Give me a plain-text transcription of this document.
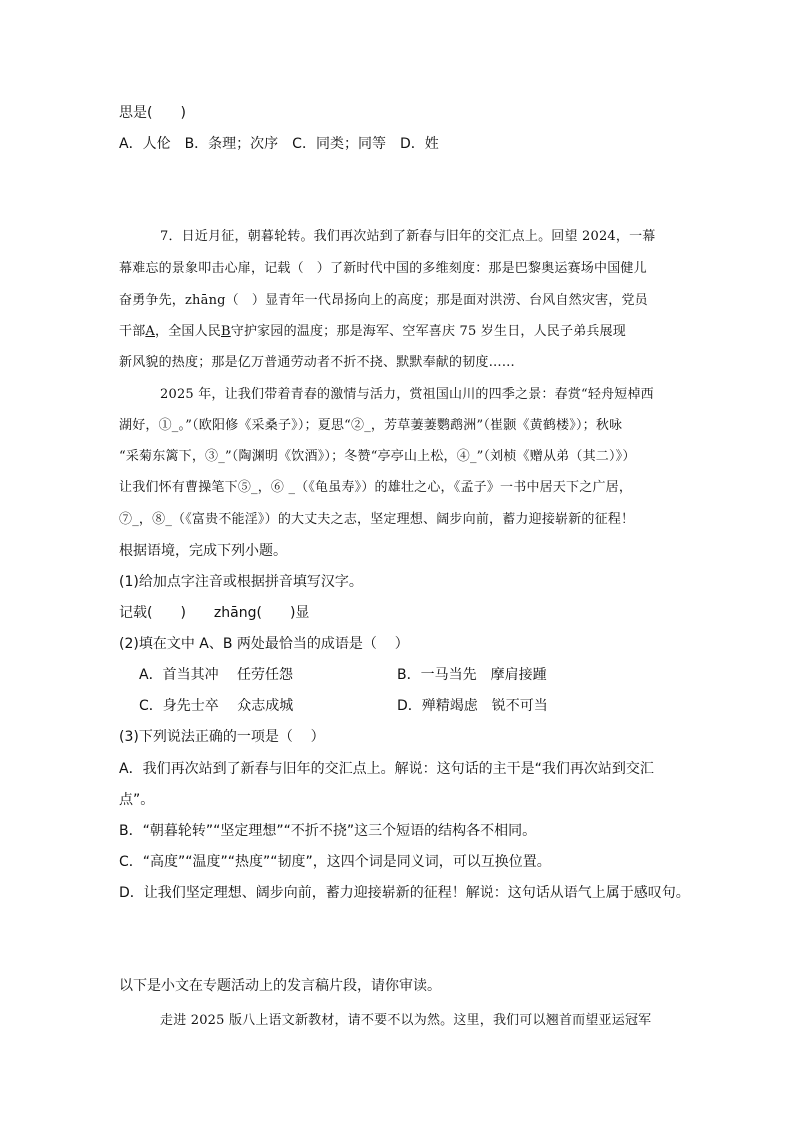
思是(　　)
A．人伦　B．条理；次序　C．同类；同等　D．姓
7．日近月征，朝暮轮转。我们再次站到了新春与旧年的交汇点上。回望 2024，一幕
幕难忘的景象叩击心扉，记载（   ）了新时代中国的多维刻度：那是巴黎奥运赛场中国健儿
奋勇争先，zhāng（   ）显青年一代昂扬向上的高度；那是面对洪涝、台风自然灾害，党员
干部A，全国人民B守护家园的温度；那是海军、空军喜庆 75 岁生日，人民子弟兵展现
新风貌的热度；那是亿万普通劳动者不折不挠、默默奉献的韧度……
2025 年，让我们带着青春的激情与活力，赏祖国山川的四季之景：春赏“轻舟短棹西
湖好，①_。”（欧阳修《采桑子》）；夏思“②_，芳草萋萋鹦鹉洲”（崔颢《黄鹤楼》）；秋咏
“采菊东篱下，③_”（陶渊明《饮酒》）；冬赞“亭亭山上松，④_”（刘桢《赠从弟（其二）》）
让我们怀有曹操笔下⑤_，⑥ _（《龟虽寿》）的雄壮之心，《孟子》一书中居天下之广居，
⑦_，⑧_（《富贵不能淫》）的大丈夫之志，坚定理想、阔步向前，蓄力迎接崭新的征程！
根据语境，完成下列小题。
(1)给加点字注音或根据拼音填写汉字。
记载(　　)　　zhāng(　　)显
(2)填在文中 A、B 两处最恰当的成语是（    ）
A．首当其冲　 任劳任怨	B．一马当先　摩肩接踵
C．身先士卒　 众志成城	D．殚精竭虑　锐不可当
(3)下列说法正确的一项是（    ）
A．我们再次站到了新春与旧年的交汇点上。解说：这句话的主干是“我们再次站到交汇
点”。
B．“朝暮轮转”“坚定理想”“不折不挠”这三个短语的结构各不相同。
C．“高度”“温度”“热度”“韧度”，这四个词是同义词，可以互换位置。
D．让我们坚定理想、阔步向前，蓄力迎接崭新的征程！解说：这句话从语气上属于感叹句。
以下是小文在专题活动上的发言稿片段，请你审读。
走进 2025 版八上语文新教材，请不要不以为然。这里，我们可以翘首而望亚运冠军
